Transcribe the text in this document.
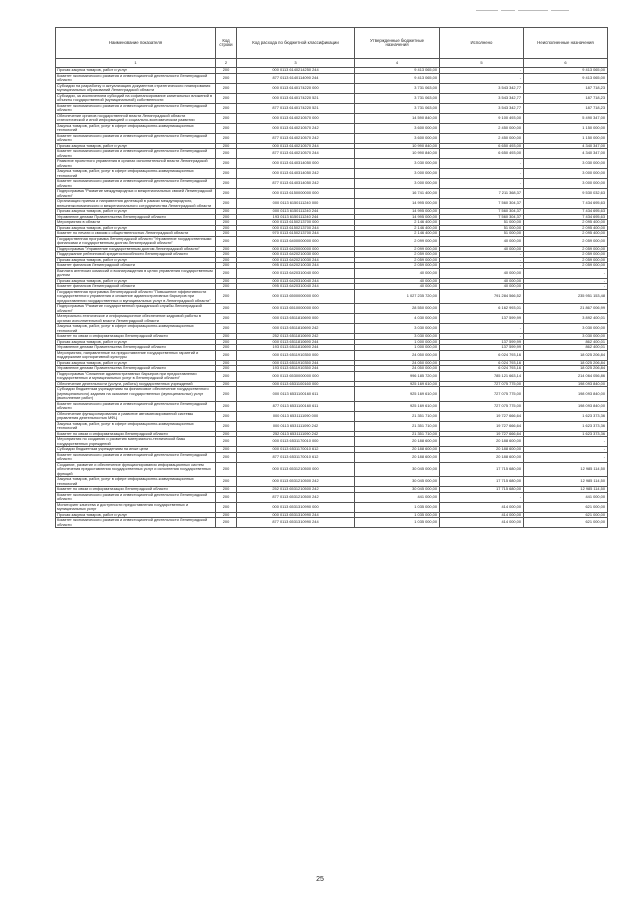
Наименование показателя	Код строки	Код расхода по бюджетной классификации	Утвержденные бюджетные назначения	Исполнено	Неисполненные назначения
1	2	3	4	5	6
Прочая закупка товаров, работ и услуг	200	000 0113 6140214250 244	9 413 065,00	-	9 413 065,00
Комитет экономического развития и инвестиционной деятельности Ленинградской области	200	877 0113 6140114090 244	9 413 065,00	-	9 413 065,00
Субсидии на разработку и актуализацию документов стратегического планирования муниципальных образований Ленинградской области	200	000 0113 6140174220 000	3 731 063,00	3 543 342,77	187 718,23
Субсидии, за исключением субсидий на софинансирование капитальных вложений в объекты государственной (муниципальной) собственности	200	000 0113 6140174220 521	3 731 063,00	3 543 342,77	187 718,23
Комитет экономического развития и инвестиционной деятельности Ленинградской области	200	877 0113 6140174220 521	3 731 063,00	3 543 342,77	187 718,23
Обеспечение органов государственной власти Ленинградской области статистической и иной информацией о социально-экономическом развитии	200	000 0113 6140210570 000	14 590 840,00	9 100 493,00	5 490 347,00
Закупка товаров, работ, услуг в сфере информационно-коммуникационных технологий	200	000 0113 6140210570 242	3 600 000,00	2 450 000,00	1 150 000,00
Комитет экономического развития и инвестиционной деятельности Ленинградской области	200	877 0113 6140210570 242	3 600 000,00	2 450 000,00	1 150 000,00
Прочая закупка товаров, работ и услуг	200	000 0113 6140210570 244	10 990 840,00	6 650 493,00	4 340 347,00
Комитет экономического развития и инвестиционной деятельности Ленинградской области	200	877 0113 6140210570 244	10 990 840,00	6 650 493,00	4 340 347,00
Развитие проектного управления в органах исполнительной власти Ленинградской области	200	000 0113 6140314050 000	3 030 000,00	-	3 030 000,00
Закупка товаров, работ, услуг в сфере информационно-коммуникационных технологий	200	000 0113 6140314050 242	3 000 000,00	-	3 000 000,00
Комитет экономического развития и инвестиционной деятельности Ленинградской области	200	877 0113 6140314050 242	3 000 000,00	-	3 000 000,00
Подпрограмма "Развитие международных и межрегиональных связей Ленинградской области"	200	000 0113 6150000000 000	16 741 400,00	7 211 368,37	9 530 032,63
Организация приема и направления делегаций в рамках международного, внешнеэкономического и межрегионального сотрудничества Ленинградской области	200	000 0113 6150111240 000	14 995 000,00	7 560 304,37	7 434 695,63
Прочая закупка товаров, работ и услуг	200	000 0113 6150111240 244	14 995 000,00	7 560 304,37	7 434 695,63
Управление делами Правительства Ленинградской области	200	193 0113 6150111240 244	14 995 000,00	7 560 304,37	7 434 695,63
Мероприятия в области	200	000 0113 6150213700 000	2 146 400,00	51 000,00	2 095 400,00
Прочая закупка товаров, работ и услуг	200	000 0113 6150213700 244	2 146 400,00	51 000,00	2 095 400,00
Комитет по печати и связям с общественностью Ленинградской области	200	970 0113 6150213700 244	2 146 400,00	51 000,00	2 095 400,00
Государственная программа Ленинградской области "Управление государственными финансами и государственным долгом Ленинградской области"	200	000 0113 6400000000 000	2 099 000,00	40 000,00	2 059 000,00
Подпрограмма "Управление государственным долгом Ленинградской области"	200	000 0113 6420000000 000	2 099 000,00	40 000,00	2 059 000,00
Поддержание рейтинговой кредитоспособности Ленинградской области	200	000 0113 6420210030 000	2 059 000,00	-	2 059 000,00
Прочая закупка товаров, работ и услуг	200	000 0113 6420210030 244	2 059 000,00	-	2 059 000,00
Комитет финансов Ленинградской области	200	095 0113 6420210030 244	2 059 000,00	-	2 059 000,00
Выплата агентских комиссий и вознаграждения в целях управления государственным долгом	200	000 0113 6420310040 000	40 000,00	40 000,00	-
Прочая закупка товаров, работ и услуг	200	000 0113 6420310040 244	40 000,00	40 000,00	-
Комитет финансов Ленинградской области	200	095 0113 6420310040 244	40 000,00	40 000,00	-
Государственная программа Ленинградской области "Повышение эффективности государственного управления и снижение административных барьеров при предоставлении государственных и муниципальных услуг в Ленинградской области"	200	000 0113 6500000000 000	1 027 235 720,00	791 284 566,52	235 951 153,48
Подпрограмма "Развитие государственной гражданской службы Ленинградской области"	200	000 0113 6510000000 000	28 550 000,00	6 162 993,01	21 867 006,99
Материально-техническое и информационное обеспечение кадровой работы в органах исполнительной власти Ленинградской области	200	000 0113 6511810690 000	4 030 000,00	137 599,99	3 892 400,01
Закупка товаров, работ, услуг в сфере информационно-коммуникационных технологий	200	000 0113 6511810690 242	3 030 000,00	-	3 030 000,00
Комитет по связи и информатизации Ленинградской области	200	252 0113 6511810690 242	3 030 000,00	-	3 030 000,00
Прочая закупка товаров, работ и услуг	200	000 0113 6511810690 244	1 000 000,00	137 599,99	862 400,01
Управление делами Правительства Ленинградской области	200	193 0113 6511810690 244	1 000 000,00	137 599,99	862 400,01
Мероприятия, направленные на предоставление государственных гарантий и поддержание корпоративной культуры	200	000 0113 6511910350 000	24 050 000,00	6 024 793,16	18 025 206,84
Прочая закупка товаров, работ и услуг	200	000 0113 6511910350 244	24 050 000,00	6 024 793,16	18 025 206,84
Управление делами Правительства Ленинградской области	200	193 0113 6511910350 244	24 050 000,00	6 024 793,16	18 025 206,84
Подпрограмма "Снижение административных барьеров при предоставлении государственных и муниципальных услуг в Ленинградской области"	200	000 0113 6530000000 000	996 185 720,00	785 121 663,14	214 064 056,86
Обеспечение деятельности (услуги, работы) государственных учреждений	200	000 0113 6531100160 000	925 169 610,00	727 075 775,00	198 093 840,00
Субсидии бюджетным учреждениям на финансовое обеспечение государственного (муниципального) задания на оказание государственных (муниципальных) услуг (выполнение работ)	200	000 0113 6531100160 611	925 169 610,00	727 075 775,00	198 093 840,00
Комитет экономического развития и инвестиционной деятельности Ленинградской области	200	877 0113 6531100160 611	925 169 610,00	727 075 775,00	198 093 840,00
Обеспечение функционирования и развитие автоматизированной системы управления деятельностью МФЦ	200	000 0113 6531111090 000	21 351 710,00	19 727 666,64	1 623 373,36
Закупка товаров, работ, услуг в сфере информационно-коммуникационных технологий	200	000 0113 6531111090 242	21 351 710,00	19 727 666,64	1 623 373,36
Комитет по связи и информатизации Ленинградской области	200	252 0113 6531111090 242	21 351 710,00	19 727 666,64	1 623 373,36
Мероприятия по созданию и развитию материально-технической базы государственных учреждений	200	000 0113 6531170010 000	20 188 600,00	20 188 600,00	-
Субсидии бюджетным учреждениям на иные цели	200	000 0113 6531170010 612	20 188 600,00	20 188 600,00	-
Комитет экономического развития и инвестиционной деятельности Ленинградской области	200	877 0113 6531170010 612	20 188 600,00	20 188 600,00	-
Создание, развитие и обеспечение функционирования информационных систем обеспечения предоставления государственных услуг и исполнения государственных функций	200	000 0113 6531210500 000	30 045 000,00	17 715 680,00	12 985 114,50
Закупка товаров, работ, услуг в сфере информационно-коммуникационных технологий	200	000 0113 6531210500 242	30 045 000,00	17 715 680,00	12 985 114,50
Комитет по связи и информатизации Ленинградской области	200	252 0113 6531210500 242	30 045 000,00	17 715 680,00	12 985 114,50
Комитет экономического развития и инвестиционной деятельности Ленинградской области	200	877 0113 6531210500 242	441 000,00	-	441 000,00
Мониторинг качества и доступности предоставления государственных и муниципальных услуг	200	000 0113 6531310990 000	1 035 000,00	414 000,00	621 000,00
Прочая закупка товаров, работ и услуг	200	000 0113 6531310990 244	1 035 000,00	414 000,00	621 000,00
Комитет экономического развития и инвестиционной деятельности Ленинградской области	200	877 0113 6531310990 244	1 035 000,00	414 000,00	621 000,00
25
